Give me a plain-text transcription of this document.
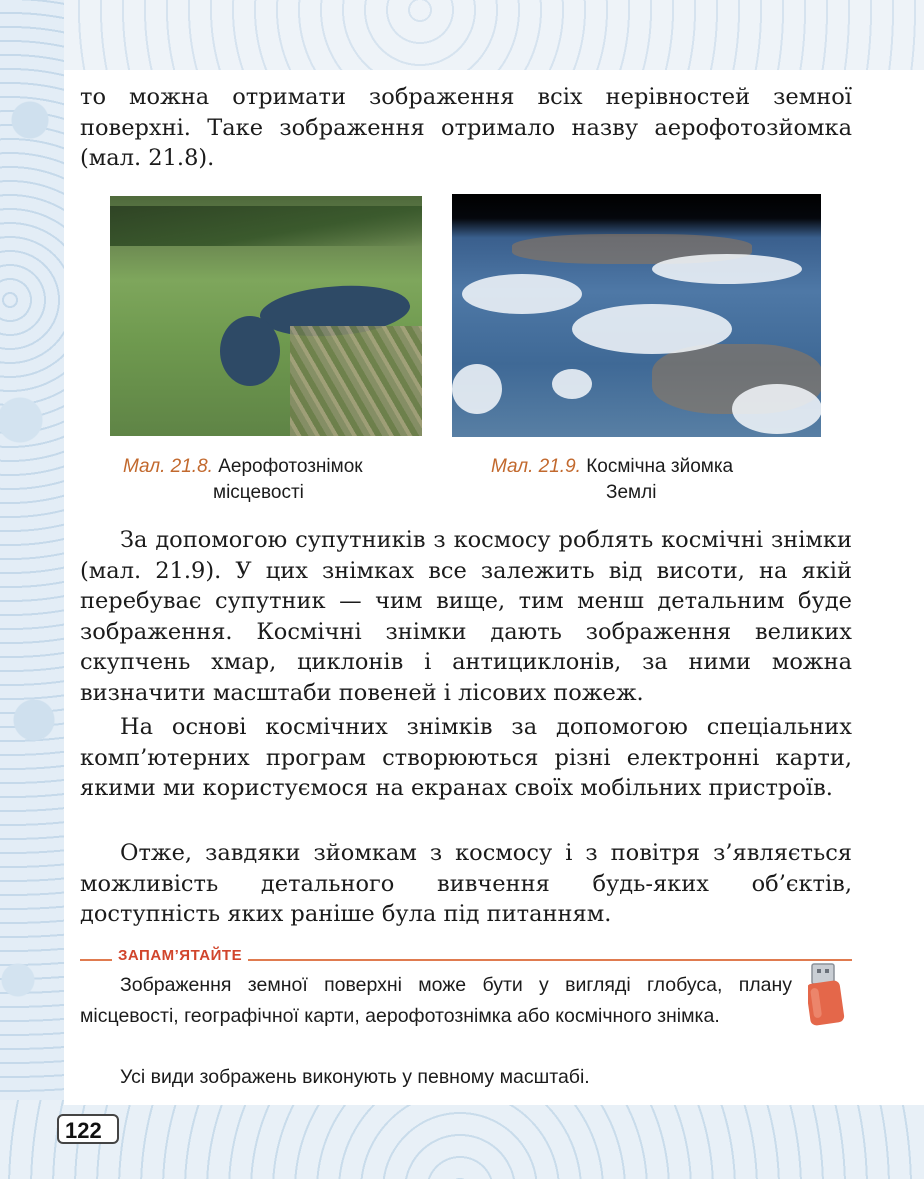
то можна отримати зображення всіх нерівностей земної поверхні. Таке зображення отримало назву аерофотозйомка (мал. 21.8).

Мал. 21.8. Аерофотознімок
місцевості
Мал. 21.9. Космічна зйомка
Землі

За допомогою супутників з космосу роблять космічні знімки (мал. 21.9). У цих знімках все залежить від висоти, на якій перебуває супутник — чим вище, тим менш детальним буде зображення. Космічні знімки дають зображення великих скупчень хмар, циклонів і антициклонів, за ними можна визначити масштаби повеней і лісових пожеж.

На основі космічних знімків за допомогою спеціальних комп’ютерних програм створюються різні електронні карти, якими ми користуємося на екранах своїх мобільних пристроїв.

Отже, завдяки зйомкам з космосу і з повітря з’являється можливість детального вивчення будь-яких об’єктів, доступність яких раніше була під питанням.

ЗАПАМ’ЯТАЙТЕ

Зображення земної поверхні може бути у вигляді глобуса, плану місцевості, географічної карти, аерофотознімка або космічного знімка.

Усі види зображень виконують у певному масштабі.

122
